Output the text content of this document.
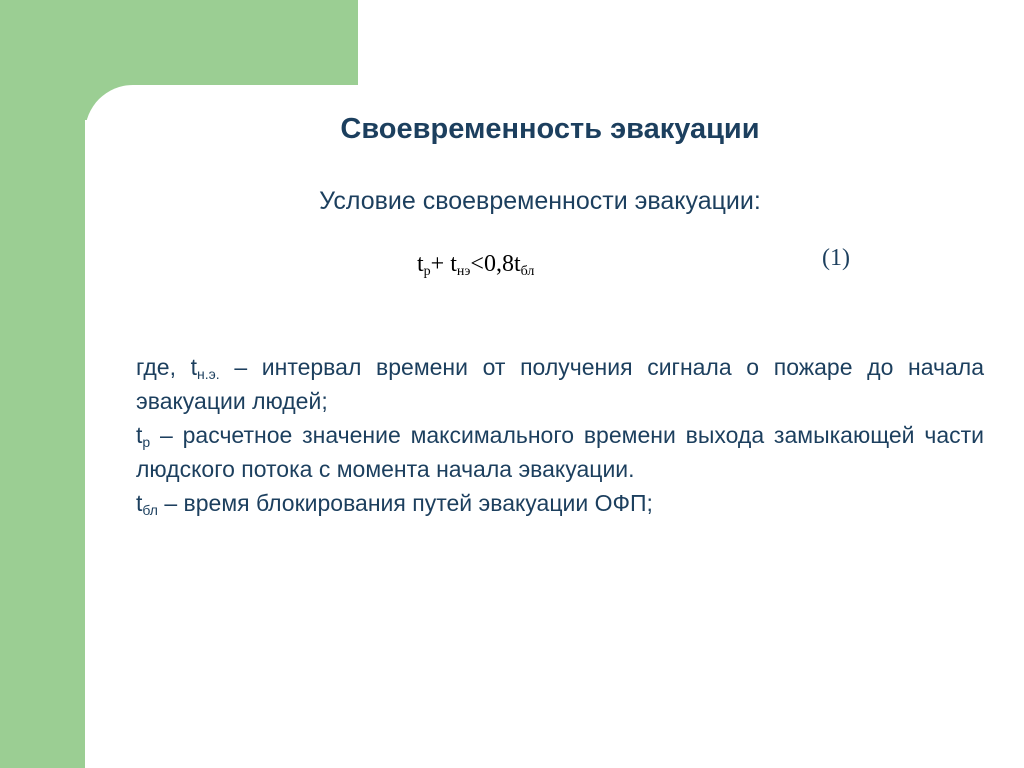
Своевременность эвакуации
Условие своевременности эвакуации:
$t_р+ t_{нэ}<0,8t_{бл}$
(1)

где, $t_{н.э.}$ – интервал времени от получения сигнала о пожаре до начала эвакуации людей;

$t_р$ – расчетное значение максимального времени выхода замыкающей части людского потока с момента начала эвакуации.

$t_{бл}$ – время блокирования путей эвакуации ОФП;
